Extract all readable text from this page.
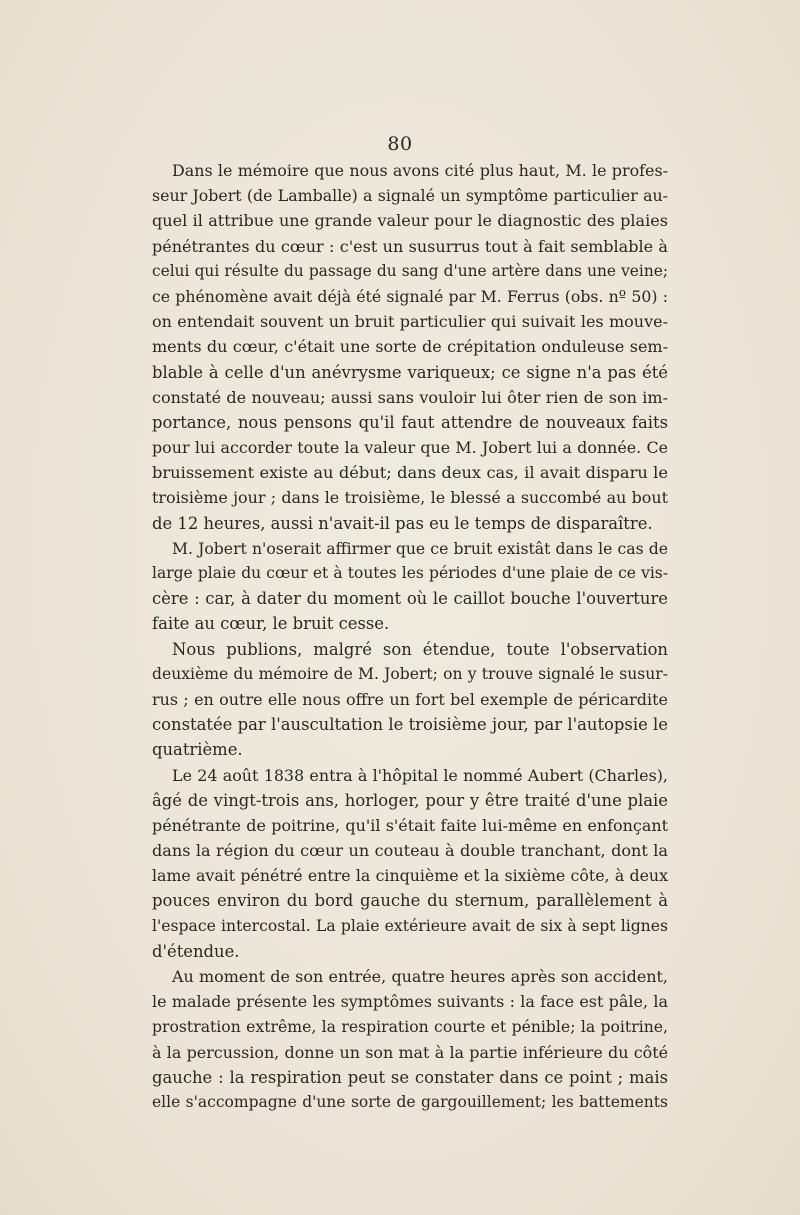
80
Dans le mémoire que nous avons cité plus haut, M. le profes-
seur Jobert (de Lamballe) a signalé un symptôme particulier au-
quel il attribue une grande valeur pour le diagnostic des plaies
pénétrantes du cœur : c'est un susurrus tout à fait semblable à
celui qui résulte du passage du sang d'une artère dans une veine;
ce phénomène avait déjà été signalé par M. Ferrus (obs. nº 50) :
on entendait souvent un bruit particulier qui suivait les mouve-
ments du cœur, c'était une sorte de crépitation onduleuse sem-
blable à celle d'un anévrysme variqueux; ce signe n'a pas été
constaté de nouveau; aussi sans vouloir lui ôter rien de son im-
portance, nous pensons qu'il faut attendre de nouveaux faits
pour lui accorder toute la valeur que M. Jobert lui a donnée. Ce
bruissement existe au début; dans deux cas, il avait disparu le
troisième jour ; dans le troisième, le blessé a succombé au bout
de 12 heures, aussi n'avait-il pas eu le temps de disparaître.
M. Jobert n'oserait affirmer que ce bruit existât dans le cas de
large plaie du cœur et à toutes les périodes d'une plaie de ce vis-
cère : car, à dater du moment où le caillot bouche l'ouverture
faite au cœur, le bruit cesse.
Nous publions, malgré son étendue, toute l'observation
deuxième du mémoire de M. Jobert; on y trouve signalé le susur-
rus ; en outre elle nous offre un fort bel exemple de péricardite
constatée par l'auscultation le troisième jour, par l'autopsie le
quatrième.
Le 24 août 1838 entra à l'hôpital le nommé Aubert (Charles),
âgé de vingt-trois ans, horloger, pour y être traité d'une plaie
pénétrante de poitrine, qu'il s'était faite lui-même en enfonçant
dans la région du cœur un couteau à double tranchant, dont la
lame avait pénétré entre la cinquième et la sixième côte, à deux
pouces environ du bord gauche du sternum, parallèlement à
l'espace intercostal. La plaie extérieure avait de six à sept lignes
d'étendue.
Au moment de son entrée, quatre heures après son accident,
le malade présente les symptômes suivants : la face est pâle, la
prostration extrême, la respiration courte et pénible; la poitrine,
à la percussion, donne un son mat à la partie inférieure du côté
gauche : la respiration peut se constater dans ce point ; mais
elle s'accompagne d'une sorte de gargouillement; les battements
